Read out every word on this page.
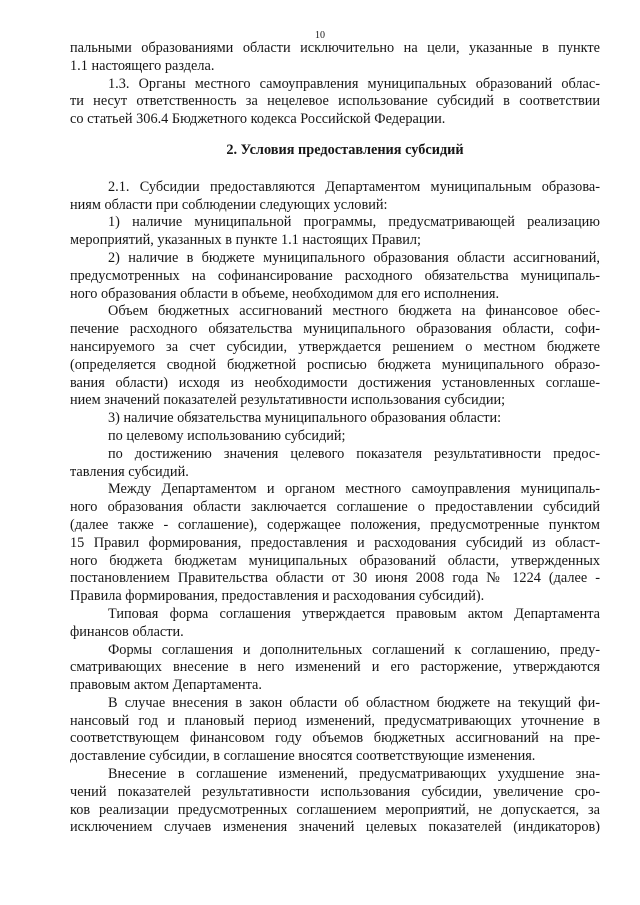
10
пальными образованиями области исключительно на цели, указанные в пункте
1.1 настоящего раздела.
1.3. Органы местного самоуправления муниципальных образований облас-
ти несут ответственность за нецелевое использование субсидий в соответствии
со статьей 306.4 Бюджетного кодекса Российской Федерации.
2. Условия предоставления субсидий
2.1. Субсидии предоставляются Департаментом муниципальным образова-
ниям области при соблюдении следующих условий:
1) наличие муниципальной программы, предусматривающей реализацию
мероприятий, указанных в пункте 1.1 настоящих Правил;
2) наличие в бюджете муниципального образования области ассигнований,
предусмотренных на софинансирование расходного обязательства муниципаль-
ного образования области в объеме, необходимом для его исполнения.
Объем бюджетных ассигнований местного бюджета на финансовое обес-
печение расходного обязательства муниципального образования области, софи-
нансируемого за счет субсидии, утверждается решением о местном бюджете
(определяется сводной бюджетной росписью бюджета муниципального образо-
вания области) исходя из необходимости достижения установленных соглаше-
нием значений показателей результативности использования субсидии;
3) наличие обязательства муниципального образования области:
по целевому использованию субсидий;
по достижению значения целевого показателя результативности предос-
тавления субсидий.
Между Департаментом и органом местного самоуправления муниципаль-
ного образования области заключается соглашение о предоставлении субсидий
(далее также - соглашение), содержащее положения, предусмотренные пунктом
15 Правил формирования, предоставления и расходования субсидий из област-
ного бюджета бюджетам муниципальных образований области, утвержденных
постановлением Правительства области от 30 июня 2008 года № 1224 (далее -
Правила формирования, предоставления и расходования субсидий).
Типовая форма соглашения утверждается правовым актом Департамента
финансов области.
Формы соглашения и дополнительных соглашений к соглашению, преду-
сматривающих внесение в него изменений и его расторжение, утверждаются
правовым актом Департамента.
В случае внесения в закон области об областном бюджете на текущий фи-
нансовый год и плановый период изменений, предусматривающих уточнение в
соответствующем финансовом году объемов бюджетных ассигнований на пре-
доставление субсидии, в соглашение вносятся соответствующие изменения.
Внесение в соглашение изменений, предусматривающих ухудшение зна-
чений показателей результативности использования субсидии, увеличение сро-
ков реализации предусмотренных соглашением мероприятий, не допускается, за
исключением случаев изменения значений целевых показателей (индикаторов)
